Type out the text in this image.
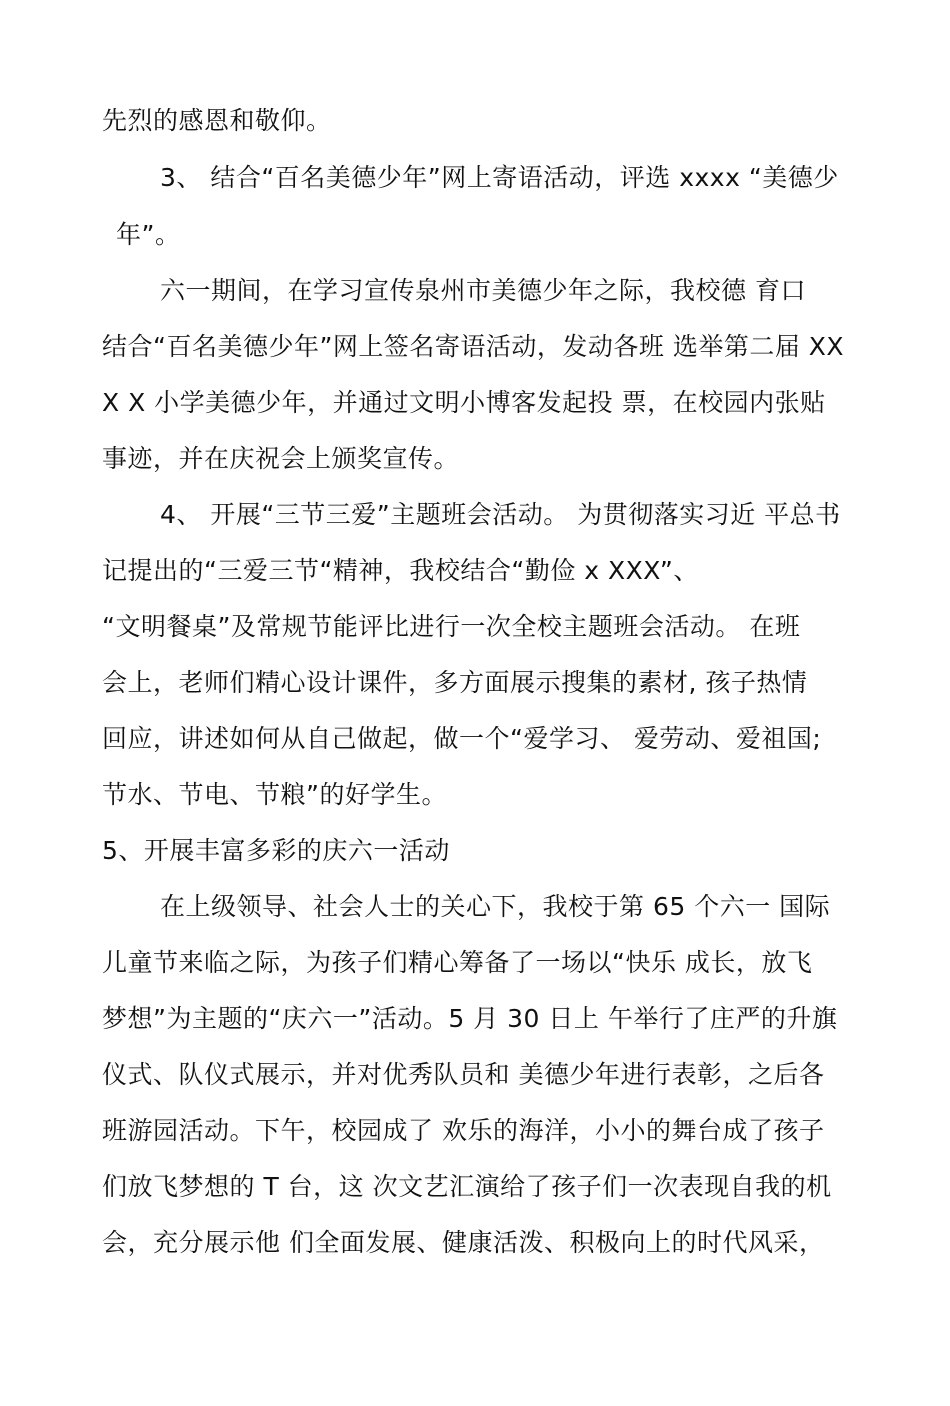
先烈的感恩和敬仰。

3、 结合“百名美德少年”网上寄语活动，评选 xxxx “美德少

年”。

六一期间，在学习宣传泉州市美德少年之际，我校德 育口

结合“百名美德少年”网上签名寄语活动，发动各班 选举第二届 XX

X X 小学美德少年，并通过文明小博客发起投 票，在校园内张贴

事迹，并在庆祝会上颁奖宣传。

4、 开展“三节三爱”主题班会活动。 为贯彻落实习近 平总书

记提出的“三爱三节“精神，我校结合“勤俭 x XXX”、

“文明餐桌”及常规节能评比进行一次全校主题班会活动。 在班

会上，老师们精心设计课件，多方面展示搜集的素材, 孩子热情

回应，讲述如何从自己做起，做一个“爱学习、 爱劳动、爱祖国;

节水、节电、节粮”的好学生。

5、开展丰富多彩的庆六一活动

在上级领导、社会人士的关心下，我校于第 65 个六一 国际

儿童节来临之际，为孩子们精心筹备了一场以“快乐 成长，放飞

梦想”为主题的“庆六一”活动。5 月 30 日上 午举行了庄严的升旗

仪式、队仪式展示，并对优秀队员和 美德少年进行表彰，之后各

班游园活动。下午，校园成了 欢乐的海洋，小小的舞台成了孩子

们放飞梦想的 T 台，这 次文艺汇演给了孩子们一次表现自我的机

会，充分展示他 们全面发展、健康活泼、积极向上的时代风采，
